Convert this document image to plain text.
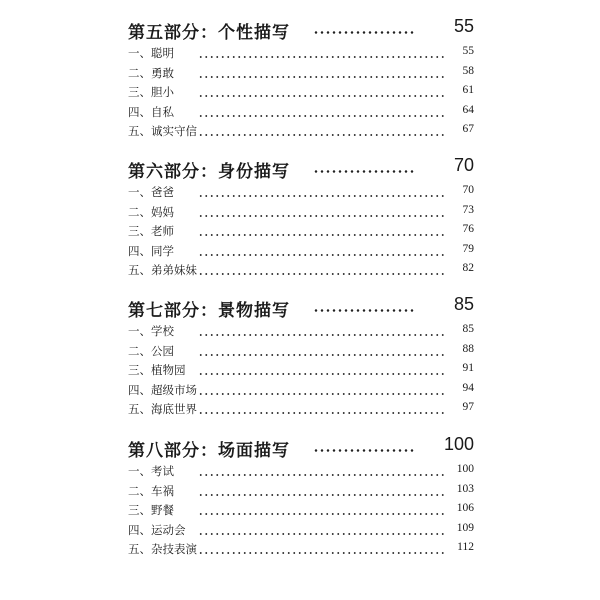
第五部分：个性描写	55
一、聪明	55
二、勇敢	58
三、胆小	61
四、自私	64
五、诚实守信	67
第六部分：身份描写	70
一、爸爸	70
二、妈妈	73
三、老师	76
四、同学	79
五、弟弟妹妹	82
第七部分：景物描写	85
一、学校	85
二、公园	88
三、植物园	91
四、超级市场	94
五、海底世界	97
第八部分：场面描写	100
一、考试	100
二、车祸	103
三、野餐	106
四、运动会	109
五、杂技表演	112
